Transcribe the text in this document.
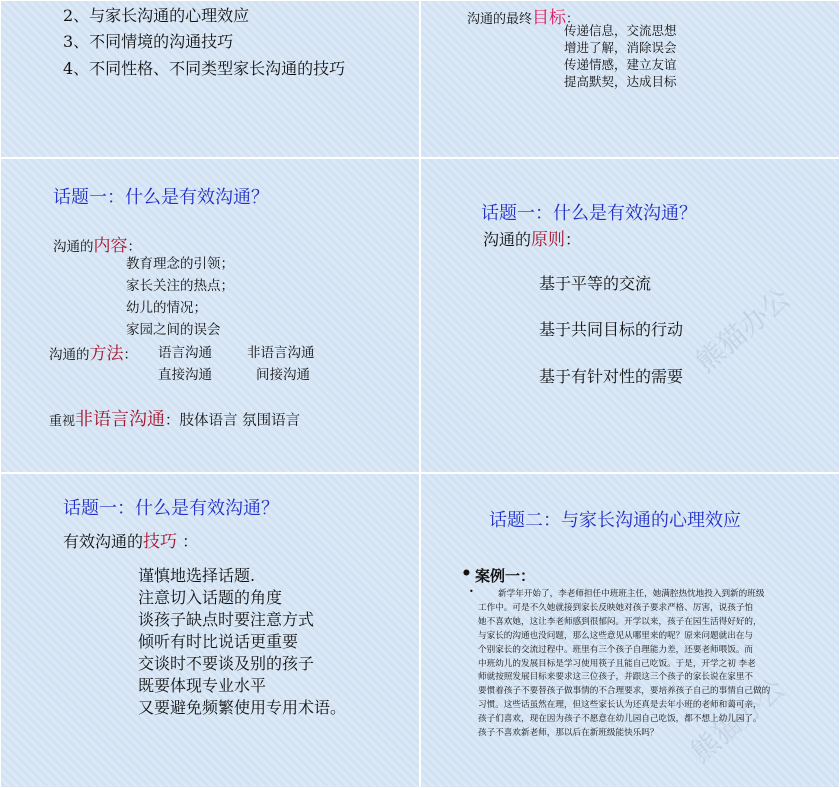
2、与家长沟通的心理效应
3、不同情境的沟通技巧
4、不同性格、不同类型家长沟通的技巧
沟通的最终目标：
传递信息，交流思想
增进了解，消除误会
传递情感，建立友谊
提高默契，达成目标
话题一：什么是有效沟通？
沟通的内容：
教育理念的引领；
家长关注的热点；
幼儿的情况；
家园之间的误会
沟通的方法： 语言沟通	非语言沟通
直接沟通	间接沟通
重视非语言沟通：肢体语言 氛围语言
熊猫办公
话题一：什么是有效沟通？
沟通的原则：
基于平等的交流
基于共同目标的行动
基于有针对性的需要
话题一：什么是有效沟通？
有效沟通的技巧 ：
谨慎地选择话题.
注意切入话题的角度
谈孩子缺点时要注意方式
倾听有时比说话更重要
交谈时不要谈及别的孩子
既要体现专业水平
又要避免频繁使用专用术语。	熊猫办公
话题二：与家长沟通的心理效应
• 案例一：
•	新学年开始了，李老师担任中班班主任，她满腔热忱地投入到新的班级
工作中。可是不久她就接到家长反映她对孩子要求严格、厉害，说孩子怕
她不喜欢她，这让李老师感到很郁闷。开学以来，孩子在园生活得好好的，
与家长的沟通也没问题，那么这些意见从哪里来的呢？原来问题就出在与
个别家长的交流过程中。班里有三个孩子自理能力差，还要老师喂饭。而
中班幼儿的发展目标是学习使用筷子且能自己吃饭。于是，开学之初 李老
师就按照发展目标来要求这三位孩子，并跟这三个孩子的家长说在家里不
要惯着孩子不要替孩子做事情的不合理要求，要培养孩子自己的事情自己做的
习惯。这些话虽然在理，但这些家长认为还真是去年小班的老师和蔼可亲，
孩子们喜欢，现在因为孩子不愿意在幼儿园自己吃饭，都不想上幼儿园了。
孩子不喜欢新老师，那以后在新班级能快乐吗？
